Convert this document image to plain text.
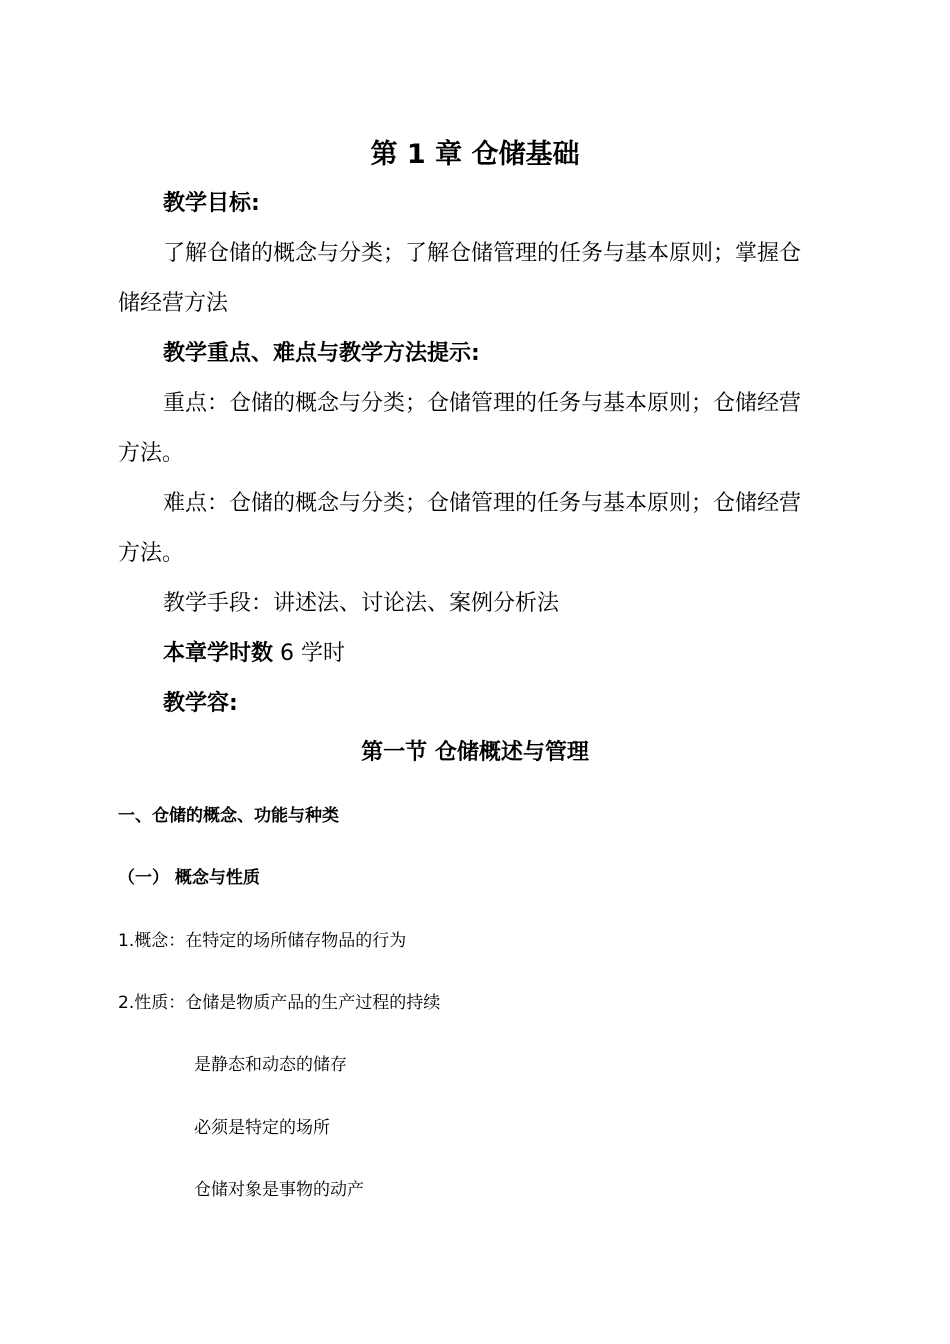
第 1 章 仓储基础
教学目标:
了解仓储的概念与分类；了解仓储管理的任务与基本原则；掌握仓
储经营方法
教学重点、难点与教学方法提示:
重点：仓储的概念与分类；仓储管理的任务与基本原则；仓储经营
方法。
难点：仓储的概念与分类；仓储管理的任务与基本原则；仓储经营
方法。
教学手段：讲述法、讨论法、案例分析法
本章学时数 6 学时
教学容:
第一节 仓储概述与管理
一、仓储的概念、功能与种类
（一） 概念与性质
1.概念：在特定的场所储存物品的行为
2.性质：仓储是物质产品的生产过程的持续
是静态和动态的储存
必须是特定的场所
仓储对象是事物的动产
